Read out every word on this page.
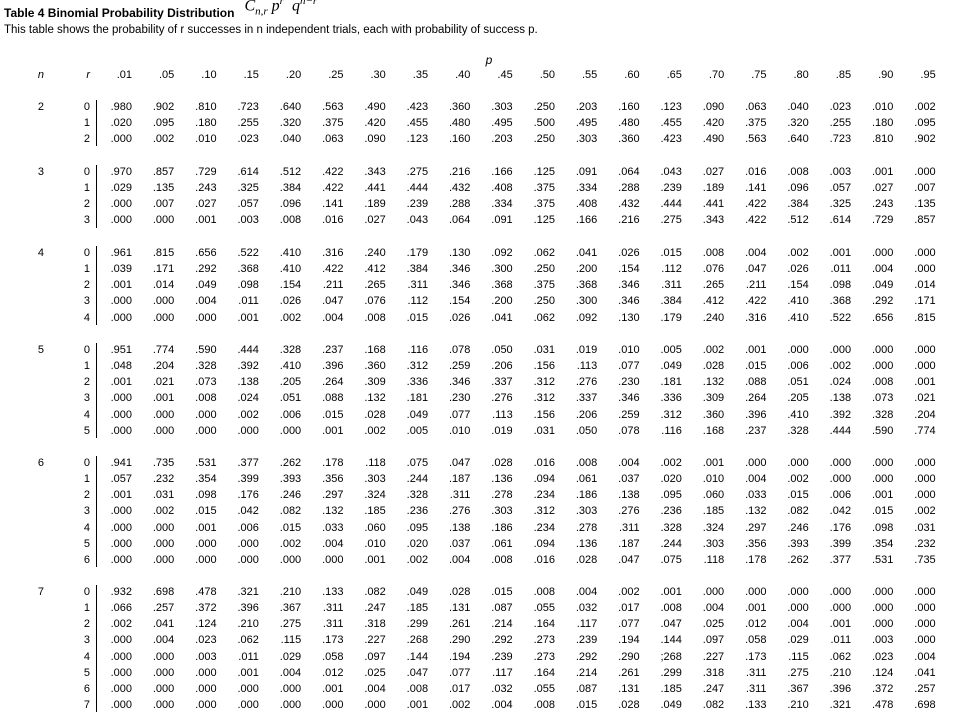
Table 4 Binomial Probability Distribution $C_{n,r}$ $p^r$ $q^{n-r}$
This table shows the probability of r successes in n independent trials, each with probability of success p.
p
n	r	.01	.05	.10	.15	.20	.25	.30	.35	.40	.45	.50	.55	.60	.65	.70	.75	.80	.85	.90	.95
2	0	.980	.902	.810	.723	.640	.563	.490	.423	.360	.303	.250	.203	.160	.123	.090	.063	.040	.023	.010	.002
1	.020	.095	.180	.255	.320	.375	.420	.455	.480	.495	.500	.495	.480	.455	.420	.375	.320	.255	.180	.095
2	.000	.002	.010	.023	.040	.063	.090	.123	.160	.203	.250	.303	.360	.423	.490	.563	.640	.723	.810	.902
3	0	.970	.857	.729	.614	.512	.422	.343	.275	.216	.166	.125	.091	.064	.043	.027	.016	.008	.003	.001	.000
1	.029	.135	.243	.325	.384	.422	.441	.444	.432	.408	.375	.334	.288	.239	.189	.141	.096	.057	.027	.007
2	.000	.007	.027	.057	.096	.141	.189	.239	.288	.334	.375	.408	.432	.444	.441	.422	.384	.325	.243	.135
3	.000	.000	.001	.003	.008	.016	.027	.043	.064	.091	.125	.166	.216	.275	.343	.422	.512	.614	.729	.857
4	0	.961	.815	.656	.522	.410	.316	.240	.179	.130	.092	.062	.041	.026	.015	.008	.004	.002	.001	.000	.000
1	.039	.171	.292	.368	.410	.422	.412	.384	.346	.300	.250	.200	.154	.112	.076	.047	.026	.011	.004	.000
2	.001	.014	.049	.098	.154	.211	.265	.311	.346	.368	.375	.368	.346	.311	.265	.211	.154	.098	.049	.014
3	.000	.000	.004	.011	.026	.047	.076	.112	.154	.200	.250	.300	.346	.384	.412	.422	.410	.368	.292	.171
4	.000	.000	.000	.001	.002	.004	.008	.015	.026	.041	.062	.092	.130	.179	.240	.316	.410	.522	.656	.815
5	0	.951	.774	.590	.444	.328	.237	.168	.116	.078	.050	.031	.019	.010	.005	.002	.001	.000	.000	.000	.000
1	.048	.204	.328	.392	.410	.396	.360	.312	.259	.206	.156	.113	.077	.049	.028	.015	.006	.002	.000	.000
2	.001	.021	.073	.138	.205	.264	.309	.336	.346	.337	.312	.276	.230	.181	.132	.088	.051	.024	.008	.001
3	.000	.001	.008	.024	.051	.088	.132	.181	.230	.276	.312	.337	.346	.336	.309	.264	.205	.138	.073	.021
4	.000	.000	.000	.002	.006	.015	.028	.049	.077	.113	.156	.206	.259	.312	.360	.396	.410	.392	.328	.204
5	.000	.000	.000	.000	.000	.001	.002	.005	.010	.019	.031	.050	.078	.116	.168	.237	.328	.444	.590	.774
6	0	.941	.735	.531	.377	.262	.178	.118	.075	.047	.028	.016	.008	.004	.002	.001	.000	.000	.000	.000	.000
1	.057	.232	.354	.399	.393	.356	.303	.244	.187	.136	.094	.061	.037	.020	.010	.004	.002	.000	.000	.000
2	.001	.031	.098	.176	.246	.297	.324	.328	.311	.278	.234	.186	.138	.095	.060	.033	.015	.006	.001	.000
3	.000	.002	.015	.042	.082	.132	.185	.236	.276	.303	.312	.303	.276	.236	.185	.132	.082	.042	.015	.002
4	.000	.000	.001	.006	.015	.033	.060	.095	.138	.186	.234	.278	.311	.328	.324	.297	.246	.176	.098	.031
5	.000	.000	.000	.000	.002	.004	.010	.020	.037	.061	.094	.136	.187	.244	.303	.356	.393	.399	.354	.232
6	.000	.000	.000	.000	.000	.000	.001	.002	.004	.008	.016	.028	.047	.075	.118	.178	.262	.377	.531	.735
7	0	.932	.698	.478	.321	.210	.133	.082	.049	.028	.015	.008	.004	.002	.001	.000	.000	.000	.000	.000	.000
1	.066	.257	.372	.396	.367	.311	.247	.185	.131	.087	.055	.032	.017	.008	.004	.001	.000	.000	.000	.000
2	.002	.041	.124	.210	.275	.311	.318	.299	.261	.214	.164	.117	.077	.047	.025	.012	.004	.001	.000	.000
3	.000	.004	.023	.062	.115	.173	.227	.268	.290	.292	.273	.239	.194	.144	.097	.058	.029	.011	.003	.000
4	.000	.000	.003	.011	.029	.058	.097	.144	.194	.239	.273	.292	.290	;268	.227	.173	.115	.062	.023	.004
5	.000	.000	.000	.001	.004	.012	.025	.047	.077	.117	.164	.214	.261	.299	.318	.311	.275	.210	.124	.041
6	.000	.000	.000	.000	.000	.001	.004	.008	.017	.032	.055	.087	.131	.185	.247	.311	.367	.396	.372	.257
7	.000	.000	.000	.000	.000	.000	.000	.001	.002	.004	.008	.015	.028	.049	.082	.133	.210	.321	.478	.698
